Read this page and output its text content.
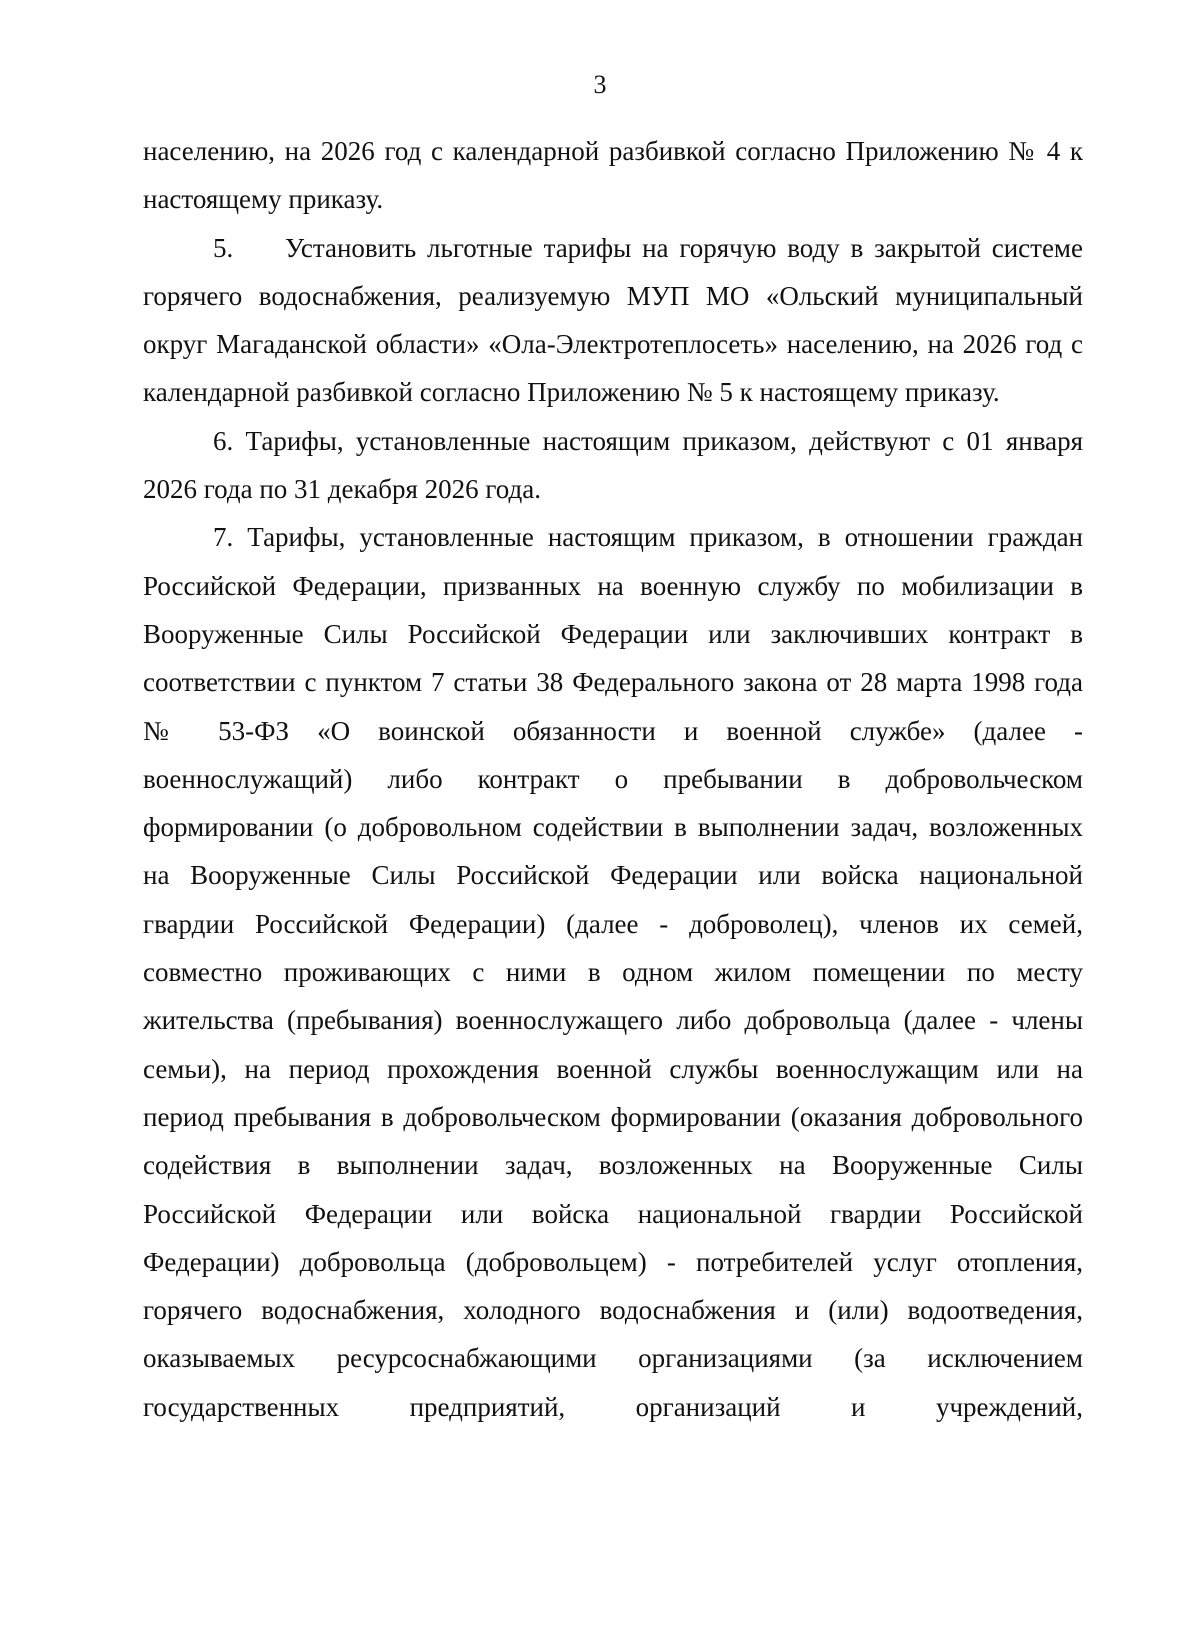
3

населению, на 2026 год с календарной разбивкой согласно Приложению № 4 к настоящему приказу.

5. Установить льготные тарифы на горячую воду в закрытой системе горячего водоснабжения, реализуемую МУП МО «Ольский муниципальный округ Магаданской области» «Ола-Электротеплосеть» населению, на 2026 год с календарной разбивкой согласно Приложению № 5 к настоящему приказу.

6. Тарифы, установленные настоящим приказом, действуют с 01 января 2026 года по 31 декабря 2026 года.

7. Тарифы, установленные настоящим приказом, в отношении граждан Российской Федерации, призванных на военную службу по мобилизации в Вооруженные Силы Российской Федерации или заключивших контракт в соответствии с пунктом 7 статьи 38 Федерального закона от 28 марта 1998 года № 53-ФЗ «О воинской обязанности и военной службе» (далее - военнослужащий) либо контракт о пребывании в добровольческом формировании (о добровольном содействии в выполнении задач, возложенных на Вооруженные Силы Российской Федерации или войска национальной гвардии Российской Федерации) (далее - доброволец), членов их семей, совместно проживающих с ними в одном жилом помещении по месту жительства (пребывания) военнослужащего либо добровольца (далее - члены семьи), на период прохождения военной службы военнослужащим или на период пребывания в добровольческом формировании (оказания добровольного содействия в выполнении задач, возложенных на Вооруженные Силы Российской Федерации или войска национальной гвардии Российской Федерации) добровольца (добровольцем) - потребителей услуг отопления, горячего водоснабжения, холодного водоснабжения и (или) водоотведения, оказываемых ресурсоснабжающими организациями (за исключением государственных предприятий, организаций и учреждений,
